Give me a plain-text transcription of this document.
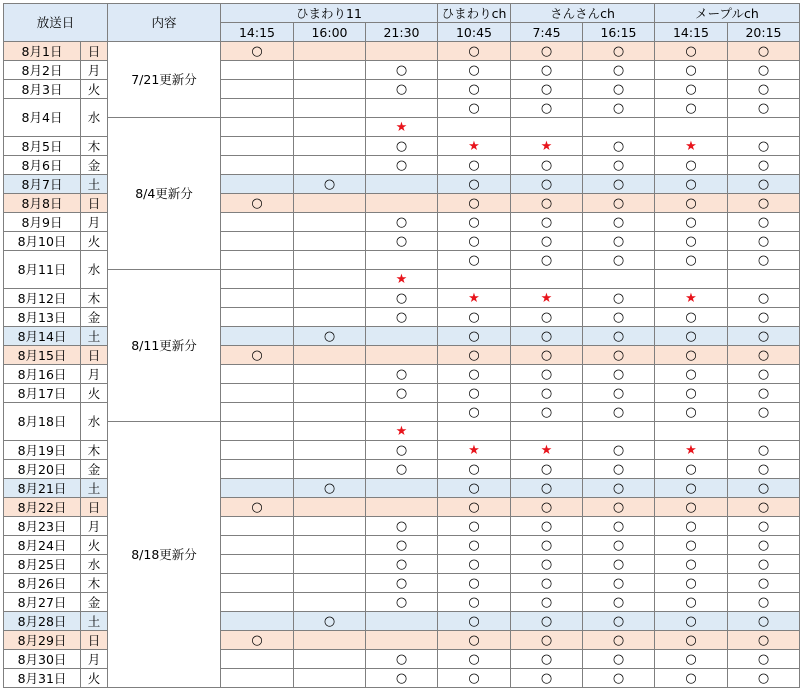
放送日		内容	ひまわり11			ひまわりch	さんさんch		メープルch	
			14:15	16:00	21:30	10:45	7:45	16:15	14:15	20:15
8月1日	日	7/21更新分	○			○	○	○	○	○
8月2日	月				○	○	○	○	○	○
8月3日	火				○	○	○	○	○	○
8月4日	水					○	○	○	○	○
		8/4更新分			★					
8月5日	木				○	★	★	○	★	○
8月6日	金				○	○	○	○	○	○
8月7日	土			○		○	○	○	○	○
8月8日	日		○			○	○	○	○	○
8月9日	月				○	○	○	○	○	○
8月10日	火				○	○	○	○	○	○
8月11日	水					○	○	○	○	○
		8/11更新分			★					
8月12日	木				○	★	★	○	★	○
8月13日	金				○	○	○	○	○	○
8月14日	土			○		○	○	○	○	○
8月15日	日		○			○	○	○	○	○
8月16日	月				○	○	○	○	○	○
8月17日	火				○	○	○	○	○	○
8月18日	水					○	○	○	○	○
		8/18更新分			★					
8月19日	木				○	★	★	○	★	○
8月20日	金				○	○	○	○	○	○
8月21日	土			○		○	○	○	○	○
8月22日	日		○			○	○	○	○	○
8月23日	月				○	○	○	○	○	○
8月24日	火				○	○	○	○	○	○
8月25日	水				○	○	○	○	○	○
8月26日	木				○	○	○	○	○	○
8月27日	金				○	○	○	○	○	○
8月28日	土			○		○	○	○	○	○
8月29日	日		○			○	○	○	○	○
8月30日	月				○	○	○	○	○	○
8月31日	火				○	○	○	○	○	○
